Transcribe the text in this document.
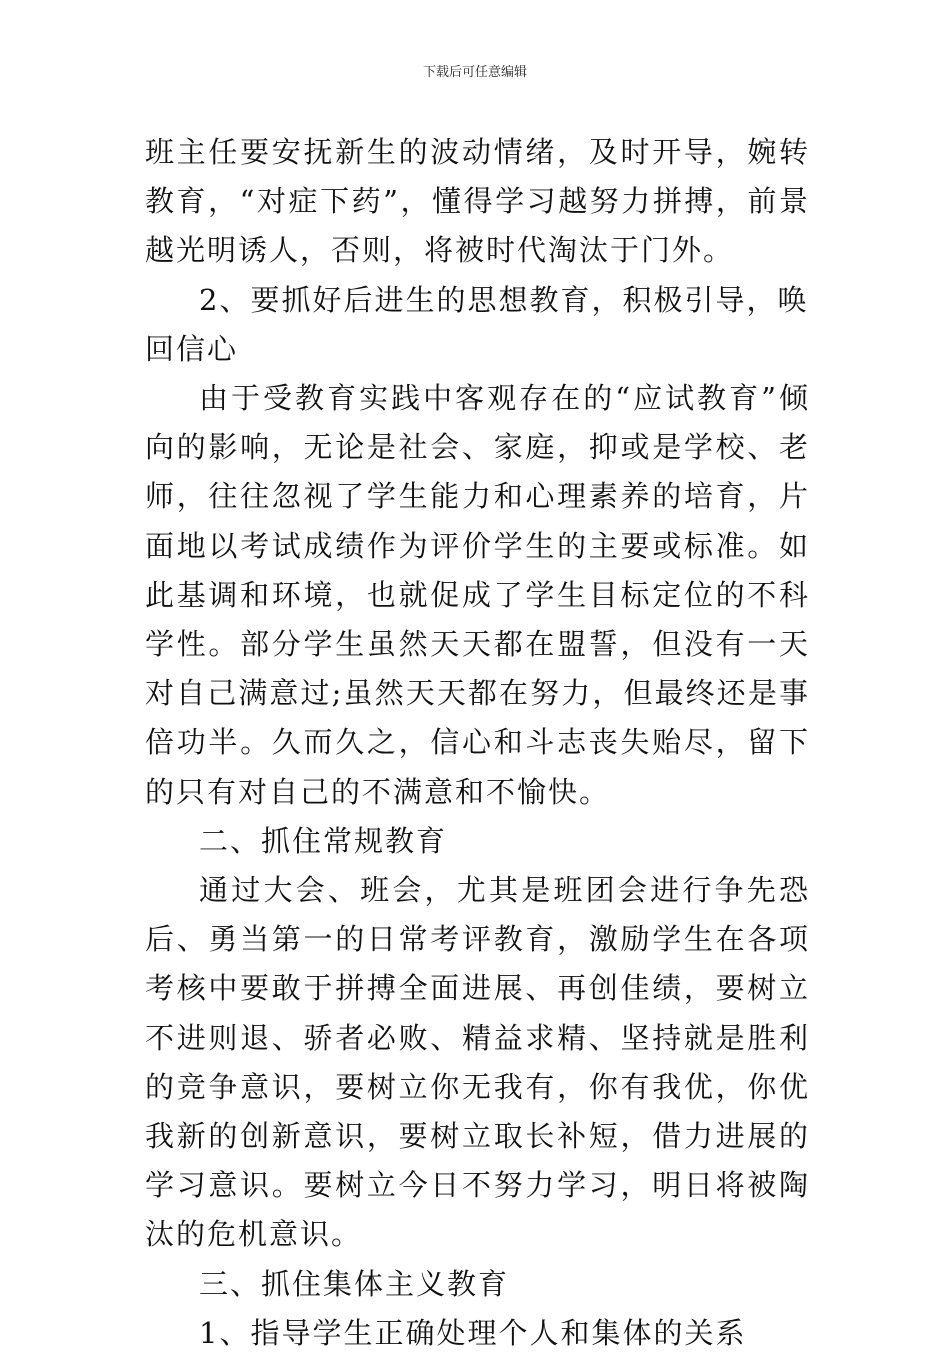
下载后可任意编辑

班主任要安抚新生的波动情绪，及时开导，婉转教育，“对症下药”，懂得学习越努力拼搏，前景越光明诱人，否则，将被时代淘汰于门外。

2、要抓好后进生的思想教育，积极引导，唤回信心

由于受教育实践中客观存在的“应试教育”倾向的影响，无论是社会、家庭，抑或是学校、老师，往往忽视了学生能力和心理素养的培育，片面地以考试成绩作为评价学生的主要或标准。如此基调和环境，也就促成了学生目标定位的不科学性。部分学生虽然天天都在盟誓，但没有一天对自己满意过;虽然天天都在努力，但最终还是事倍功半。久而久之，信心和斗志丧失贻尽，留下的只有对自己的不满意和不愉快。

二、抓住常规教育

通过大会、班会，尤其是班团会进行争先恐后、勇当第一的日常考评教育，激励学生在各项考核中要敢于拼搏全面进展、再创佳绩，要树立不进则退、骄者必败、精益求精、坚持就是胜利的竞争意识，要树立你无我有，你有我优，你优我新的创新意识，要树立取长补短，借力进展的学习意识。要树立今日不努力学习，明日将被陶汰的危机意识。

三、抓住集体主义教育

1、指导学生正确处理个人和集体的关系
